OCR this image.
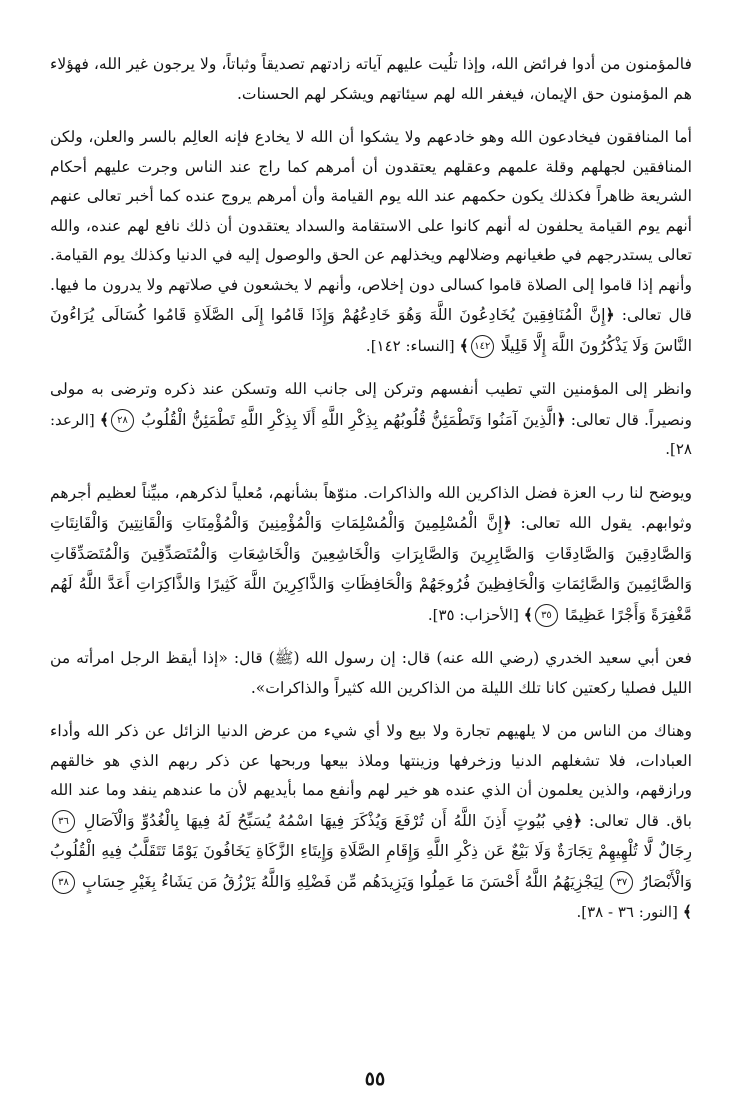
فالمؤمنون من أدوا فرائض الله، وإذا تلُيت عليهم آياته زادتهم تصديقاً وثباتاً، ولا يرجون غير الله، فهؤلاء هم المؤمنون حق الإيمان، فيغفر الله لهم سيئاتهم ويشكر لهم الحسنات.

أما المنافقون فيخادعون الله وهو خادعهم ولا يشكوا أن الله لا يخادع فإنه العالِم بالسر والعلن، ولكن المنافقين لجهلهم وقلة علمهم وعقلهم يعتقدون أن أمرهم كما راج عند الناس وجرت عليهم أحكام الشريعة ظاهراً فكذلك يكون حكمهم عند الله يوم القيامة وأن أمرهم يروج عنده كما أخبر تعالى عنهم أنهم يوم القيامة يحلفون له أنهم كانوا على الاستقامة والسداد يعتقدون أن ذلك نافع لهم عنده، والله تعالى يستدرجهم في طغيانهم وضلالهم ويخذلهم عن الحق والوصول إليه في الدنيا وكذلك يوم القيامة. وأنهم إذا قاموا إلى الصلاة قاموا كسالى دون إخلاص، وأنهم لا يخشعون في صلاتهم ولا يدرون ما فيها. قال تعالى: ﴿إِنَّ الْمُنَافِقِينَ يُخَادِعُونَ اللَّهَ وَهُوَ خَادِعُهُمْ وَإِذَا قَامُوا إِلَى الصَّلَاةِ قَامُوا كُسَالَى يُرَاءُونَ النَّاسَ وَلَا يَذْكُرُونَ اللَّهَ إِلَّا قَلِيلًا ١٤٢﴾ [النساء: ١٤٢].

وانظر إلى المؤمنين التي تطيب أنفسهم وتركن إلى جانب الله وتسكن عند ذكره وترضى به مولى ونصيراً. قال تعالى: ﴿الَّذِينَ آمَنُوا وَتَطْمَئِنُّ قُلُوبُهُم بِذِكْرِ اللَّهِ أَلَا بِذِكْرِ اللَّهِ تَطْمَئِنُّ الْقُلُوبُ ٢٨﴾ [الرعد: ٢٨].

ويوضح لنا رب العزة فضل الذاكرين الله والذاكرات. منوّهاً بشأنهم، مُعلياً لذكرهم، مبيِّناً لعظيم أجرهم وثوابهم. يقول الله تعالى: ﴿إِنَّ الْمُسْلِمِينَ وَالْمُسْلِمَاتِ وَالْمُؤْمِنِينَ وَالْمُؤْمِنَاتِ وَالْقَانِتِينَ وَالْقَانِتَاتِ وَالصَّادِقِينَ وَالصَّادِقَاتِ وَالصَّابِرِينَ وَالصَّابِرَاتِ وَالْخَاشِعِينَ وَالْخَاشِعَاتِ وَالْمُتَصَدِّقِينَ وَالْمُتَصَدِّقَاتِ وَالصَّائِمِينَ وَالصَّائِمَاتِ وَالْحَافِظِينَ فُرُوجَهُمْ وَالْحَافِظَاتِ وَالذَّاكِرِينَ اللَّهَ كَثِيرًا وَالذَّاكِرَاتِ أَعَدَّ اللَّهُ لَهُم مَّغْفِرَةً وَأَجْرًا عَظِيمًا ٣٥﴾ [الأحزاب: ٣٥].

فعن أبي سعيد الخدري (رضي الله عنه) قال: إن رسول الله (ﷺ) قال: «إذا أيقظ الرجل امرأته من الليل فصليا ركعتين كانا تلك الليلة من الذاكرين الله كثيراً والذاكرات».

وهناك من الناس من لا يلهيهم تجارة ولا بيع ولا أي شيء من عرض الدنيا الزائل عن ذكر الله وأداء العبادات، فلا تشغلهم الدنيا وزخرفها وزينتها وملاذ بيعها وربحها عن ذكر ربهم الذي هو خالقهم ورازقهم، والذين يعلمون أن الذي عنده هو خير لهم وأنفع مما بأيديهم لأن ما عندهم ينفد وما عند الله باق. قال تعالى: ﴿فِي بُيُوتٍ أَذِنَ اللَّهُ أَن تُرْفَعَ وَيُذْكَرَ فِيهَا اسْمُهُ يُسَبِّحُ لَهُ فِيهَا بِالْغُدُوِّ وَالْآصَالِ ٣٦ رِجَالٌ لَّا تُلْهِيهِمْ تِجَارَةٌ وَلَا بَيْعٌ عَن ذِكْرِ اللَّهِ وَإِقَامِ الصَّلَاةِ وَإِيتَاءِ الزَّكَاةِ يَخَافُونَ يَوْمًا تَتَقَلَّبُ فِيهِ الْقُلُوبُ وَالْأَبْصَارُ ٣٧ لِيَجْزِيَهُمُ اللَّهُ أَحْسَنَ مَا عَمِلُوا وَيَزِيدَهُم مِّن فَضْلِهِ وَاللَّهُ يَرْزُقُ مَن يَشَاءُ بِغَيْرِ حِسَابٍ ٣٨﴾ [النور: ٣٦ - ٣٨].

٥٥
